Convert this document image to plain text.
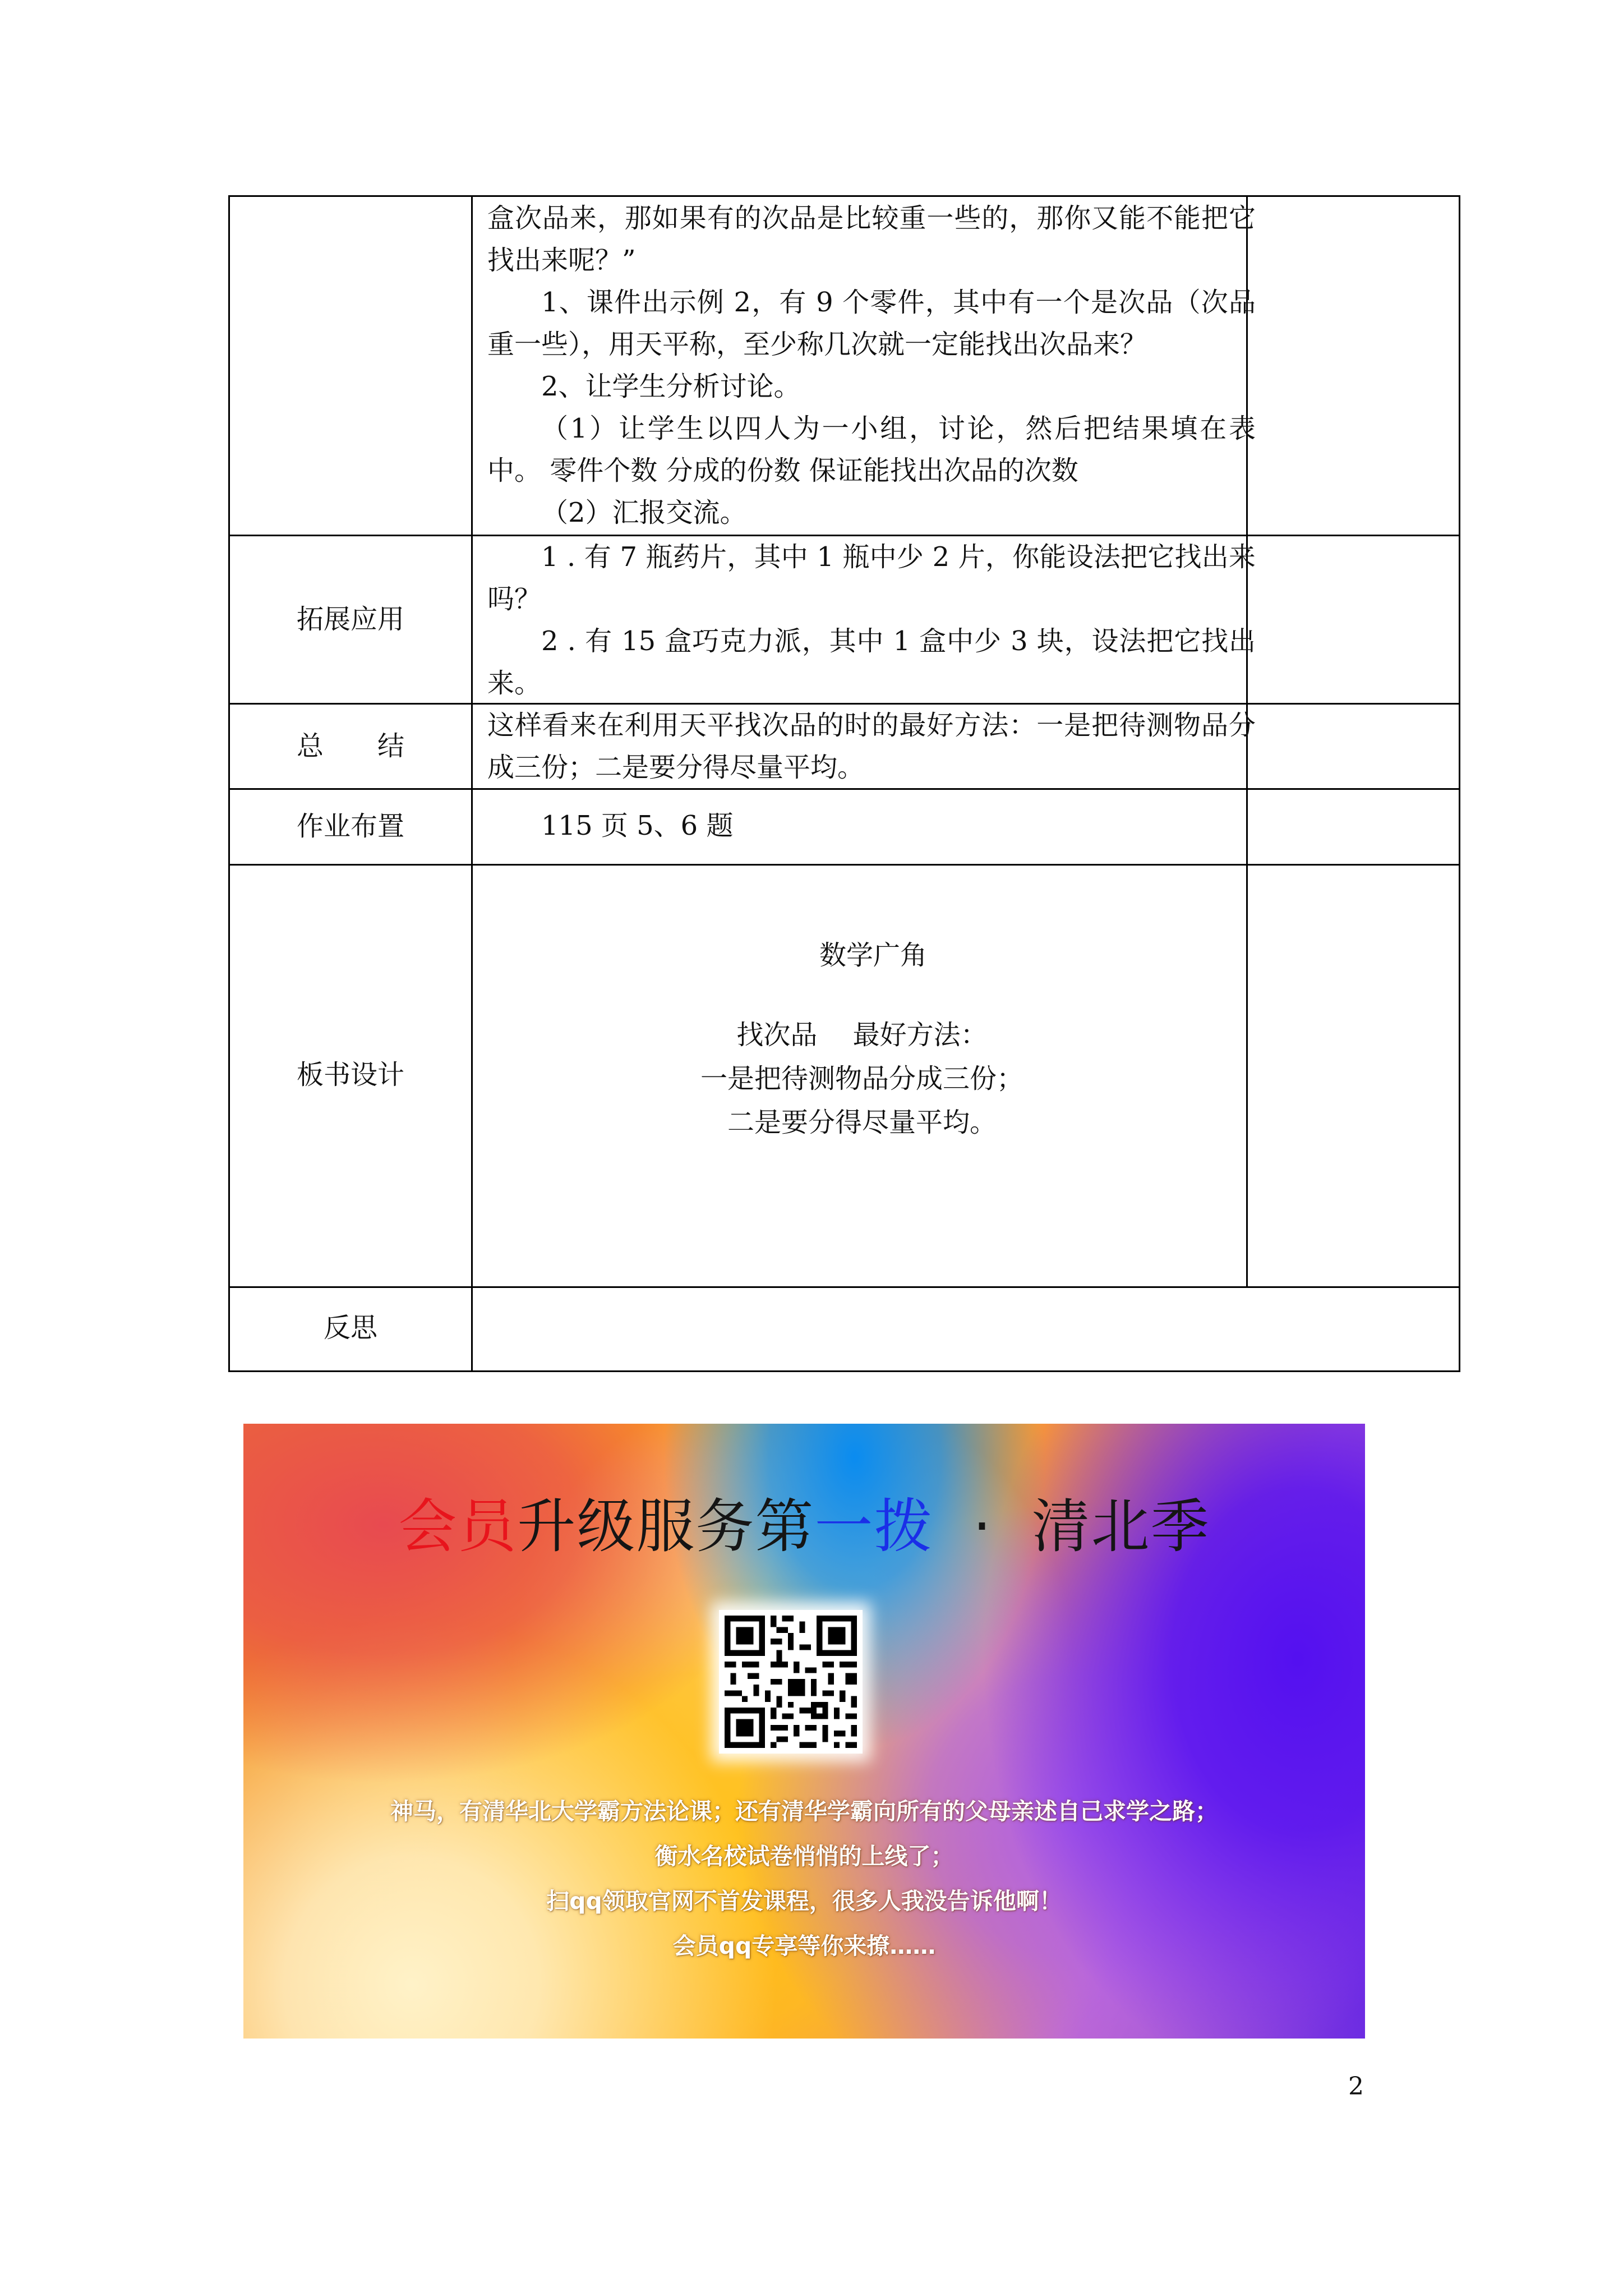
盒次品来，那如果有的次品是比较重一些的，那你又能不能把它找出来呢？”

1、课件出示例 2，有 9 个零件，其中有一个是次品（次品重一些），用天平称，至少称几次就一定能找出次品来？

2、让学生分析讨论。

（1）让学生以四人为一小组，讨论，然后把结果填在表中。 零件个数 分成的份数 保证能找出次品的次数

（2）汇报交流。

拓展应用

1 . 有 7 瓶药片，其中 1 瓶中少 2 片，你能设法把它找出来吗？

2 . 有 15 盒巧克力派，其中 1 盒中少 3 块，设法把它找出来。

总　　结
这样看来在利用天平找次品的时的最好方法：一是把待测物品分成三份；二是要分得尽量平均。
作业布置	115 页 5、6 题
板书设计

数学广角

找次品　 最好方法：

一是把待测物品分成三份；

二是要分得尽量平均。

反思
会员升级服务第一拨  ·  清北季
神马，有清华北大学霸方法论课；还有清华学霸向所有的父母亲述自己求学之路；
衡水名校试卷悄悄的上线了；
扫qq领取官网不首发课程，很多人我没告诉他啊！
会员qq专享等你来撩……
2
